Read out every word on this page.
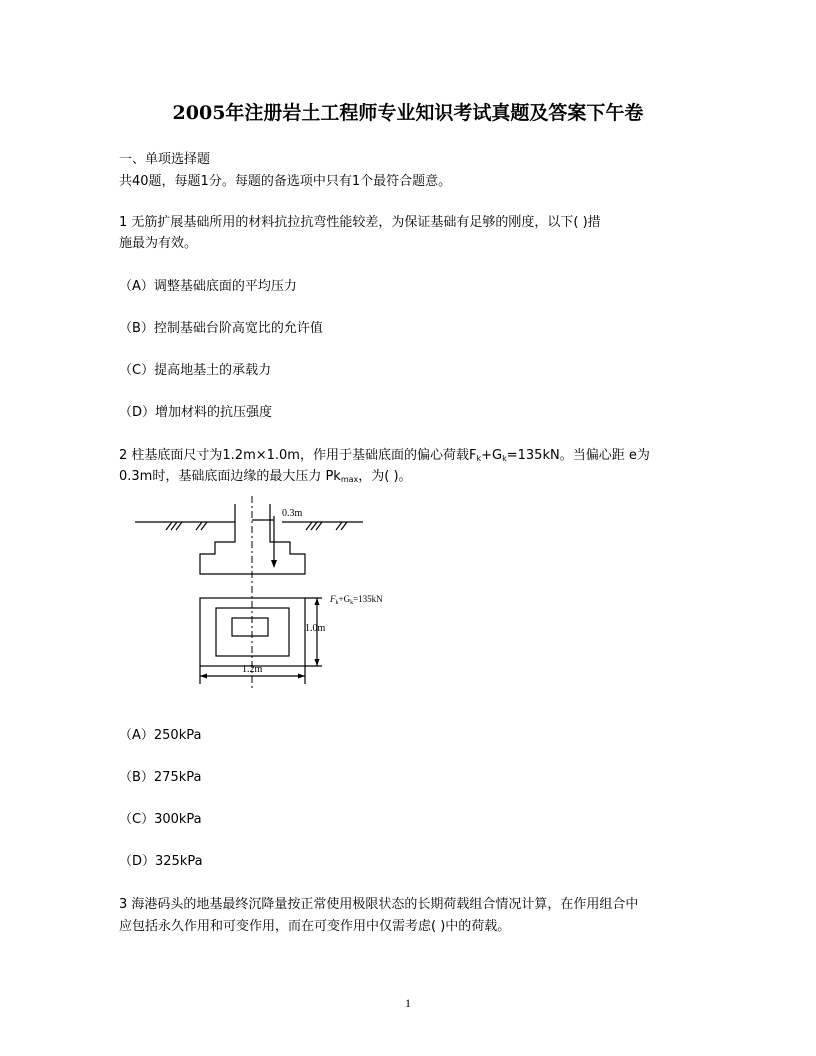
2005年注册岩土工程师专业知识考试真题及答案下午卷
一、单项选择题
共40题，每题1分。每题的备选项中只有1个最符合题意。
1 无筋扩展基础所用的材料抗拉抗弯性能较差，为保证基础有足够的刚度，以下( )措
施最为有效。
（A）调整基础底面的平均压力
（B）控制基础台阶高宽比的允许值
（C）提高地基土的承载力
（D）增加材料的抗压强度
2 柱基底面尺寸为1.2m×1.0m，作用于基础底面的偏心荷载$F_k+G_k=135kN$。当偏心距 e为
0.3m时，基础底面边缘的最大压力 $Pk_{max}$，为( )。
0.3m
$F_k+G_k=135kN$
1.0m
1.2m
（A）250kPa
（B）275kPa
（C）300kPa
（D）325kPa
3 海港码头的地基最终沉降量按正常使用极限状态的长期荷载组合情况计算，在作用组合中
应包括永久作用和可变作用，而在可变作用中仅需考虑( )中的荷载。
1
